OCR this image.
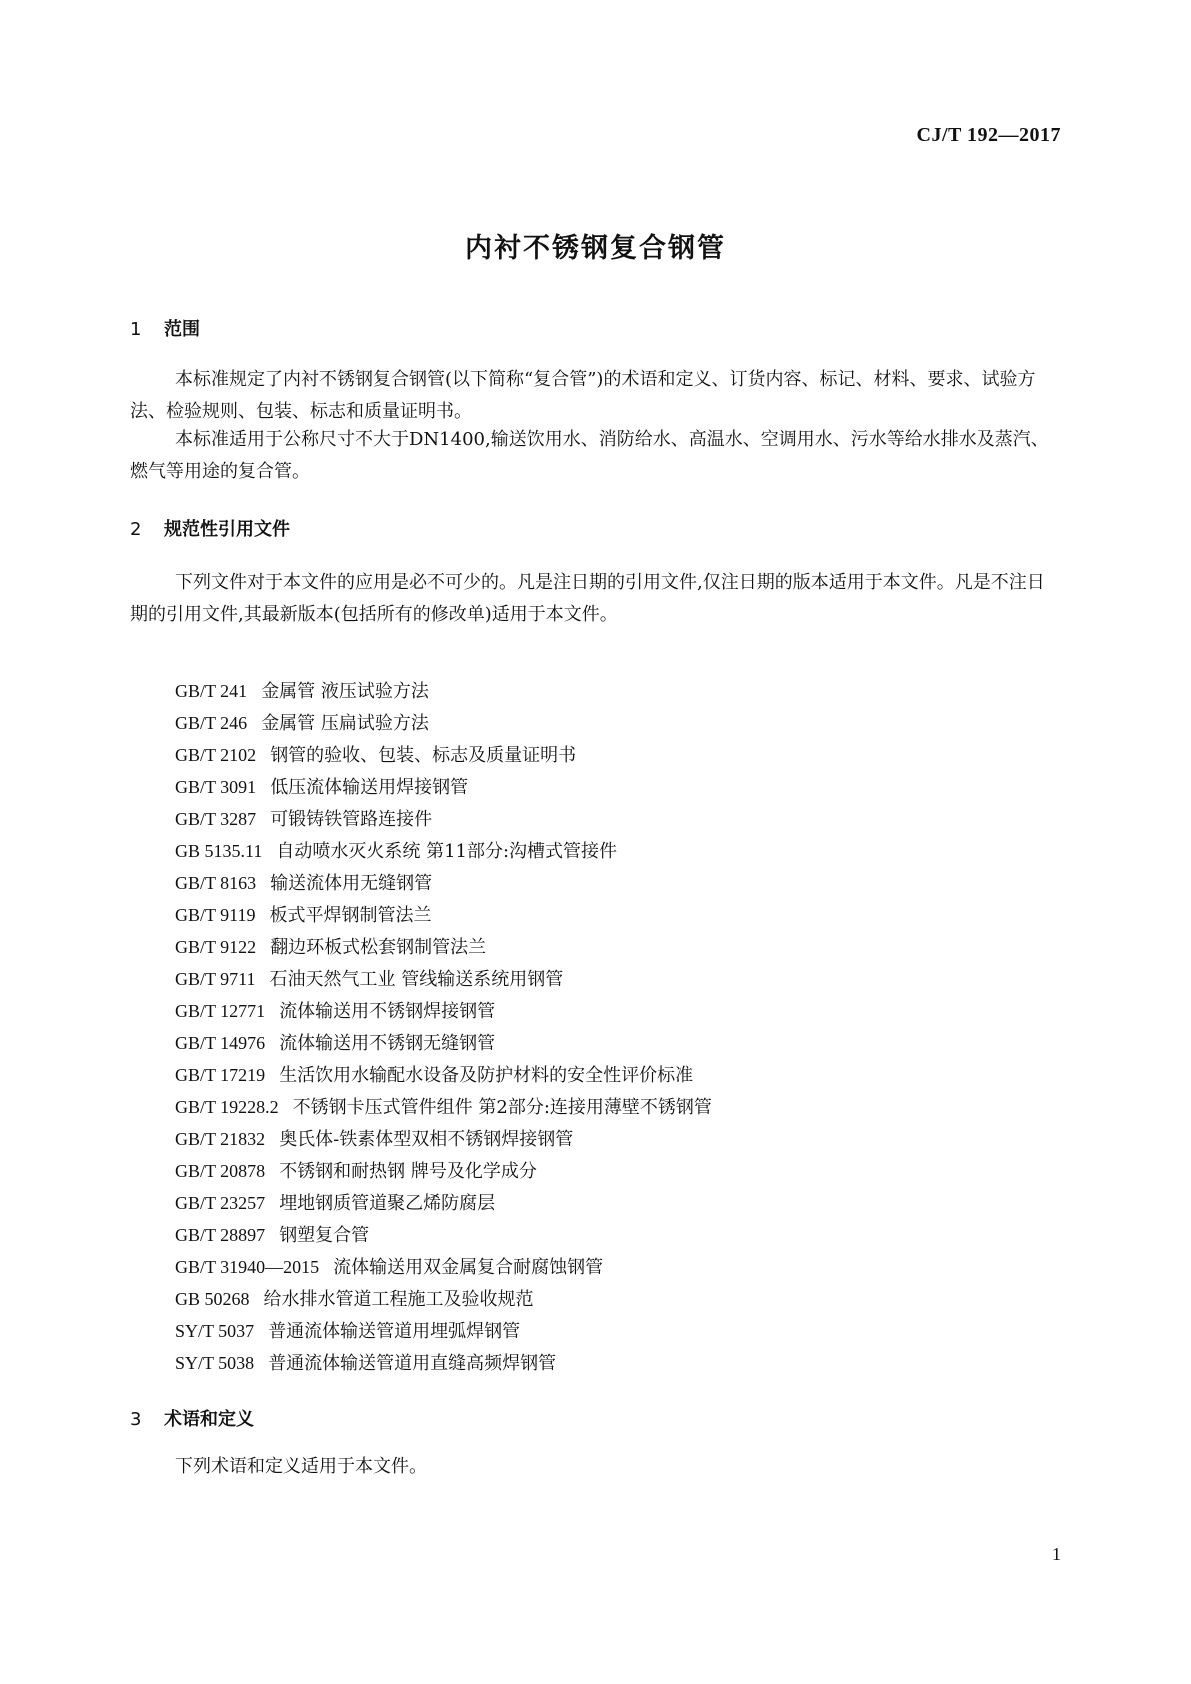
CJ/T 192—2017
内衬不锈钢复合钢管
1 范围

本标准规定了内衬不锈钢复合钢管(以下简称“复合管”)的术语和定义、订货内容、标记、材料、要求、试验方法、检验规则、包装、标志和质量证明书。

本标准适用于公称尺寸不大于DN1400,输送饮用水、消防给水、高温水、空调用水、污水等给水排水及蒸汽、燃气等用途的复合管。

2 规范性引用文件

下列文件对于本文件的应用是必不可少的。凡是注日期的引用文件,仅注日期的版本适用于本文件。凡是不注日期的引用文件,其最新版本(包括所有的修改单)适用于本文件。

GB/T 241 金属管 液压试验方法
GB/T 246 金属管 压扁试验方法
GB/T 2102 钢管的验收、包装、标志及质量证明书
GB/T 3091 低压流体输送用焊接钢管
GB/T 3287 可锻铸铁管路连接件
GB 5135.11 自动喷水灭火系统 第11部分:沟槽式管接件
GB/T 8163 输送流体用无缝钢管
GB/T 9119 板式平焊钢制管法兰
GB/T 9122 翻边环板式松套钢制管法兰
GB/T 9711 石油天然气工业 管线输送系统用钢管
GB/T 12771 流体输送用不锈钢焊接钢管
GB/T 14976 流体输送用不锈钢无缝钢管
GB/T 17219 生活饮用水输配水设备及防护材料的安全性评价标准
GB/T 19228.2 不锈钢卡压式管件组件 第2部分:连接用薄壁不锈钢管
GB/T 21832 奥氏体-铁素体型双相不锈钢焊接钢管
GB/T 20878 不锈钢和耐热钢 牌号及化学成分
GB/T 23257 埋地钢质管道聚乙烯防腐层
GB/T 28897 钢塑复合管
GB/T 31940—2015 流体输送用双金属复合耐腐蚀钢管
GB 50268 给水排水管道工程施工及验收规范
SY/T 5037 普通流体输送管道用埋弧焊钢管
SY/T 5038 普通流体输送管道用直缝高频焊钢管
3 术语和定义

下列术语和定义适用于本文件。

1
